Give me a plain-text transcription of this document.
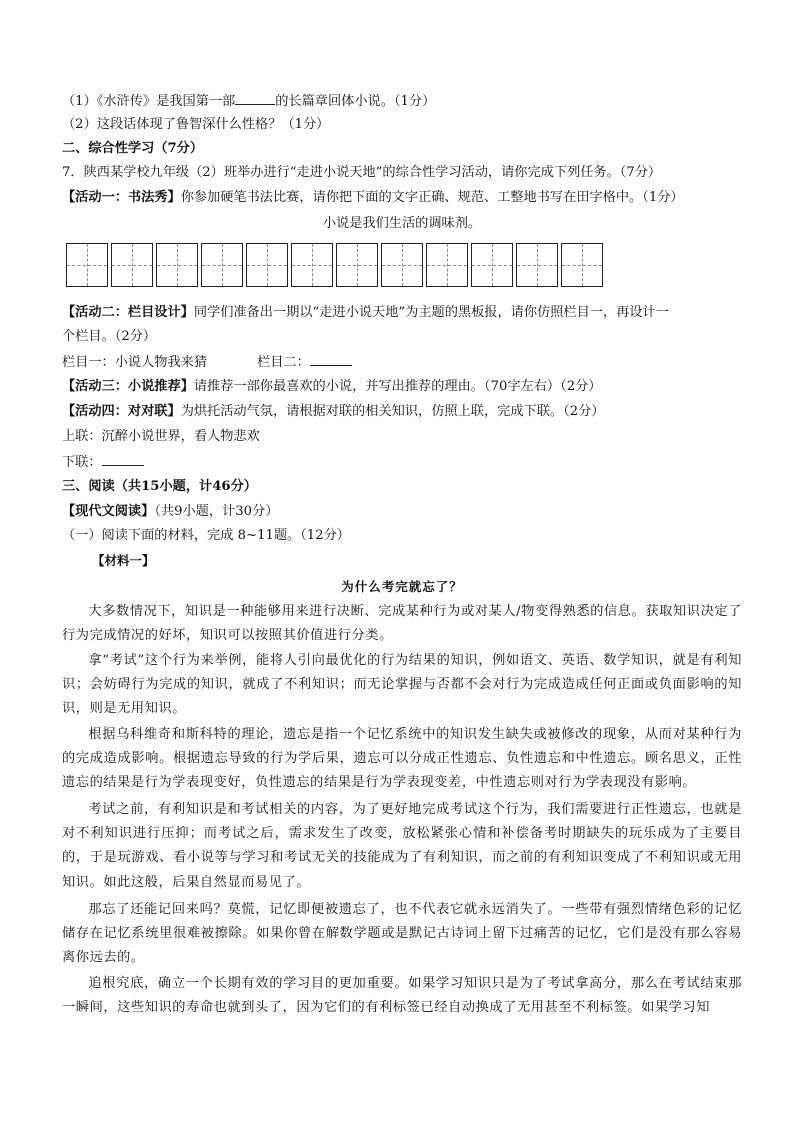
（1）《水浒传》是我国第一部	的长篇章回体小说。（1分）
（2）这段话体现了鲁智深什么性格？（1分）
二、综合性学习（7分）
7．陕西某学校九年级（2）班举办进行“走进小说天地”的综合性学习活动，请你完成下列任务。（7分）
【活动一：书法秀】你参加硬笔书法比赛，请你把下面的文字正确、规范、工整地书写在田字格中。（1分）
小说是我们生活的调味剂。
【活动二：栏目设计】同学们准备出一期以“走进小说天地”为主题的黑板报，请你仿照栏目一，再设计一
个栏目。（2分）
栏目一：小说人物我来猜	栏目二：
【活动三：小说推荐】请推荐一部你最喜欢的小说，并写出推荐的理由。（70字左右）（2分）
【活动四：对对联】为烘托活动气氛，请根据对联的相关知识，仿照上联，完成下联。（2分）
上联：沉醉小说世界，看人物悲欢
下联：
三、阅读（共15小题，计46分）
【现代文阅读】（共9小题，计30分）
（一）阅读下面的材料，完成 8~11题。（12分）
【材料一】
为什么考完就忘了？
大多数情况下，知识是一种能够用来进行决断、完成某种行为或对某人/物变得熟悉的信息。获取知识决定了行为完成情况的好坏，知识可以按照其价值进行分类。
拿“考试”这个行为来举例，能将人引向最优化的行为结果的知识，例如语文、英语、数学知识，就是有利知识；会妨碍行为完成的知识，就成了不利知识；而无论掌握与否都不会对行为完成造成任何正面或负面影响的知识，则是无用知识。
根据乌科维奇和斯科特的理论，遗忘是指一个记忆系统中的知识发生缺失或被修改的现象，从而对某种行为的完成造成影响。根据遗忘导致的行为学后果，遗忘可以分成正性遗忘、负性遗忘和中性遗忘。顾名思义，正性遗忘的结果是行为学表现变好，负性遗忘的结果是行为学表现变差，中性遗忘则对行为学表现没有影响。
考试之前，有利知识是和考试相关的内容，为了更好地完成考试这个行为，我们需要进行正性遗忘，也就是对不利知识进行压抑；而考试之后，需求发生了改变，放松紧张心情和补偿备考时期缺失的玩乐成为了主要目的，于是玩游戏、看小说等与学习和考试无关的技能成为了有利知识，而之前的有利知识变成了不利知识或无用知识。如此这般，后果自然显而易见了。
那忘了还能记回来吗？莫慌，记忆即便被遗忘了，也不代表它就永远消失了。一些带有强烈情绪色彩的记忆储存在记忆系统里很难被擦除。如果你曾在解数学题或是默记古诗词上留下过痛苦的记忆，它们是没有那么容易离你远去的。
追根究底，确立一个长期有效的学习目的更加重要。如果学习知识只是为了考试拿高分，那么在考试结束那一瞬间，这些知识的寿命也就到头了，因为它们的有利标签已经自动换成了无用甚至不利标签。如果学习知
